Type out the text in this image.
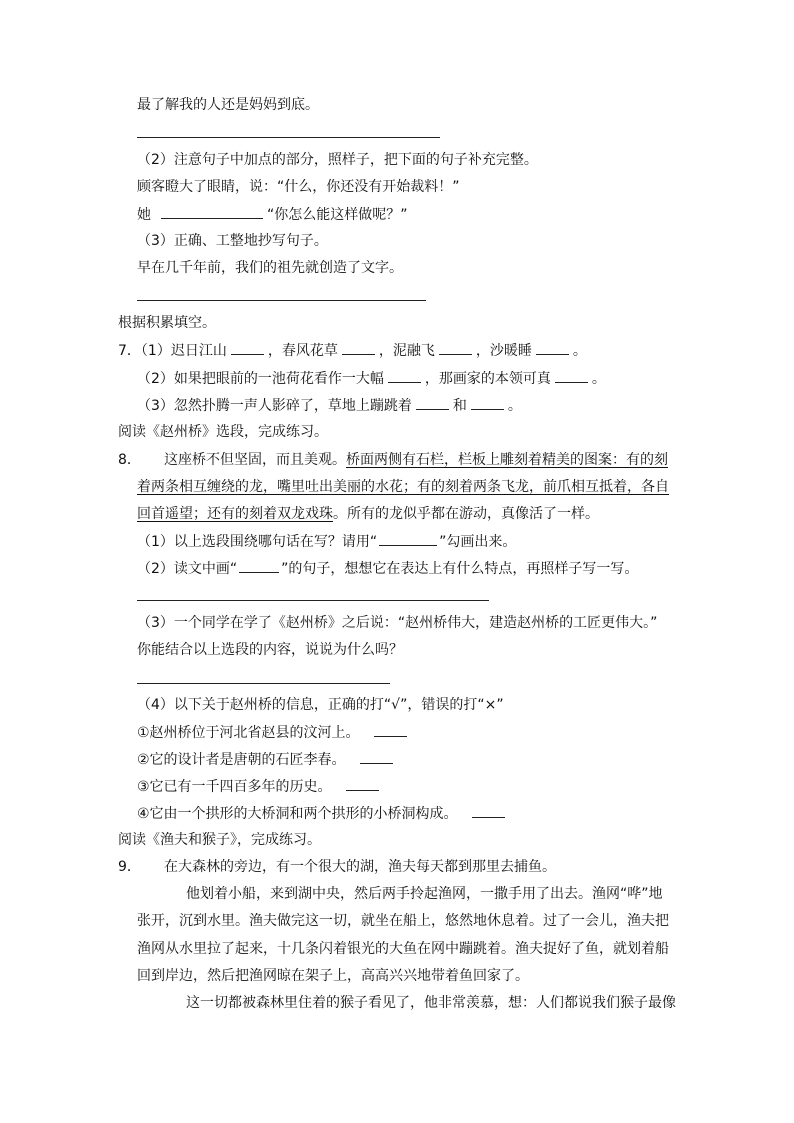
最了解我的人还是妈妈到底。
（2）注意句子中加点的部分，照样子，把下面的句子补充完整。
顾客瞪大了眼睛，说：“什么，你还没有开始裁料！”
她	“你怎么能这样做呢？”
（3）正确、工整地抄写句子。
早在几千年前，我们的祖先就创造了文字。
根据积累填空。
7．（1）迟日江山	，春风花草	，泥融飞	，沙暖睡	。
（2）如果把眼前的一池荷花看作一大幅	，那画家的本领可真	。
（3）忽然扑腾一声人影碎了，草地上蹦跳着	和	。
阅读《赵州桥》选段，完成练习。
8． 这座桥不但坚固，而且美观。桥面两侧有石栏，栏板上雕刻着精美的图案：有的刻
着两条相互缠绕的龙，嘴里吐出美丽的水花；有的刻着两条飞龙，前爪相互抵着，各自
回首遥望；还有的刻着双龙戏珠。所有的龙似乎都在游动，真像活了一样。
（1）以上选段围绕哪句话在写？请用“	”勾画出来。
（2）读文中画“	”的句子，想想它在表达上有什么特点，再照样子写一写。
（3）一个同学在学了《赵州桥》之后说：“赵州桥伟大，建造赵州桥的工匠更伟大。”
你能结合以上选段的内容，说说为什么吗？
（4）以下关于赵州桥的信息，正确的打“√”，错误的打“×”
①赵州桥位于河北省赵县的汶河上。
②它的设计者是唐朝的石匠李春。
③它已有一千四百多年的历史。
④它由一个拱形的大桥洞和两个拱形的小桥洞构成。
阅读《渔夫和猴子》，完成练习。
9． 在大森林的旁边，有一个很大的湖，渔夫每天都到那里去捕鱼。
他划着小船，来到湖中央，然后两手拎起渔网，一撒手用了出去。渔网“哗”地
张开，沉到水里。渔夫做完这一切，就坐在船上，悠然地休息着。过了一会儿，渔夫把
渔网从水里拉了起来，十几条闪着银光的大鱼在网中蹦跳着。渔夫捉好了鱼，就划着船
回到岸边，然后把渔网晾在架子上，高高兴兴地带着鱼回家了。
这一切都被森林里住着的猴子看见了，他非常羡慕，想：人们都说我们猴子最像
